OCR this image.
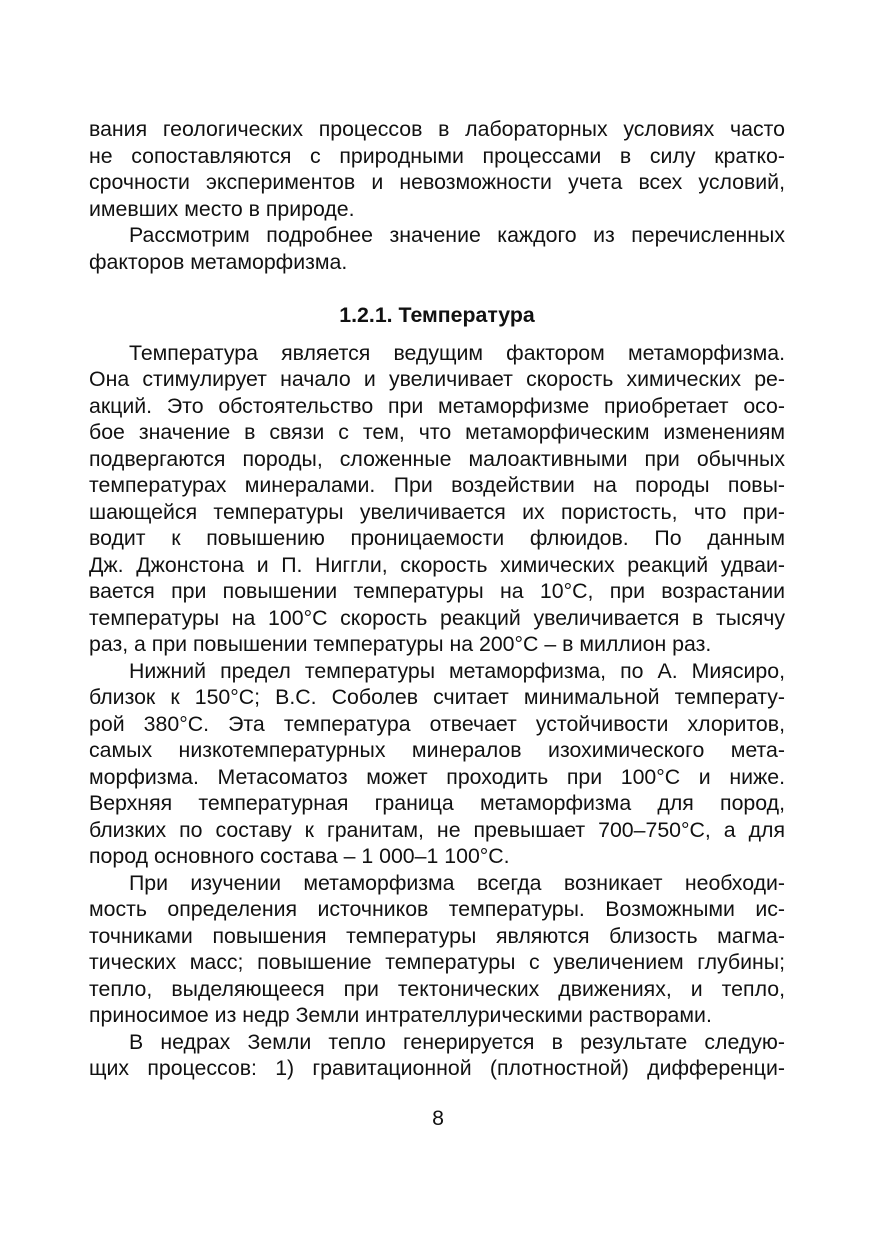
вания геологических процессов в лабораторных условиях часто
не сопоставляются с природными процессами в силу кратко-
срочности экспериментов и невозможности учета всех условий,
имевших место в природе.
Рассмотрим подробнее значение каждого из перечисленных
факторов метаморфизма.
1.2.1. Температура
Температура является ведущим фактором метаморфизма.
Она стимулирует начало и увеличивает скорость химических ре-
акций. Это обстоятельство при метаморфизме приобретает осо-
бое значение в связи с тем, что метаморфическим изменениям
подвергаются породы, сложенные малоактивными при обычных
температурах минералами. При воздействии на породы повы-
шающейся температуры увеличивается их пористость, что при-
водит к повышению проницаемости флюидов. По данным
Дж. Джонстона и П. Ниггли, скорость химических реакций удваи-
вается при повышении температуры на 10°С, при возрастании
температуры на 100°С скорость реакций увеличивается в тысячу
раз, а при повышении температуры на 200°С – в миллион раз.
Нижний предел температуры метаморфизма, по А. Миясиро,
близок к 150°С; В.С. Соболев считает минимальной температу-
рой 380°С. Эта температура отвечает устойчивости хлоритов,
самых низкотемпературных минералов изохимического мета-
морфизма. Метасоматоз может проходить при 100°С и ниже.
Верхняя температурная граница метаморфизма для пород,
близких по составу к гранитам, не превышает 700–750°С, а для
пород основного состава – 1 000–1 100°С.
При изучении метаморфизма всегда возникает необходи-
мость определения источников температуры. Возможными ис-
точниками повышения температуры являются близость магма-
тических масс; повышение температуры с увеличением глубины;
тепло, выделяющееся при тектонических движениях, и тепло,
приносимое из недр Земли интрателлурическими растворами.
В недрах Земли тепло генерируется в результате следую-
щих процессов: 1) гравитационной (плотностной) дифференци-
8
